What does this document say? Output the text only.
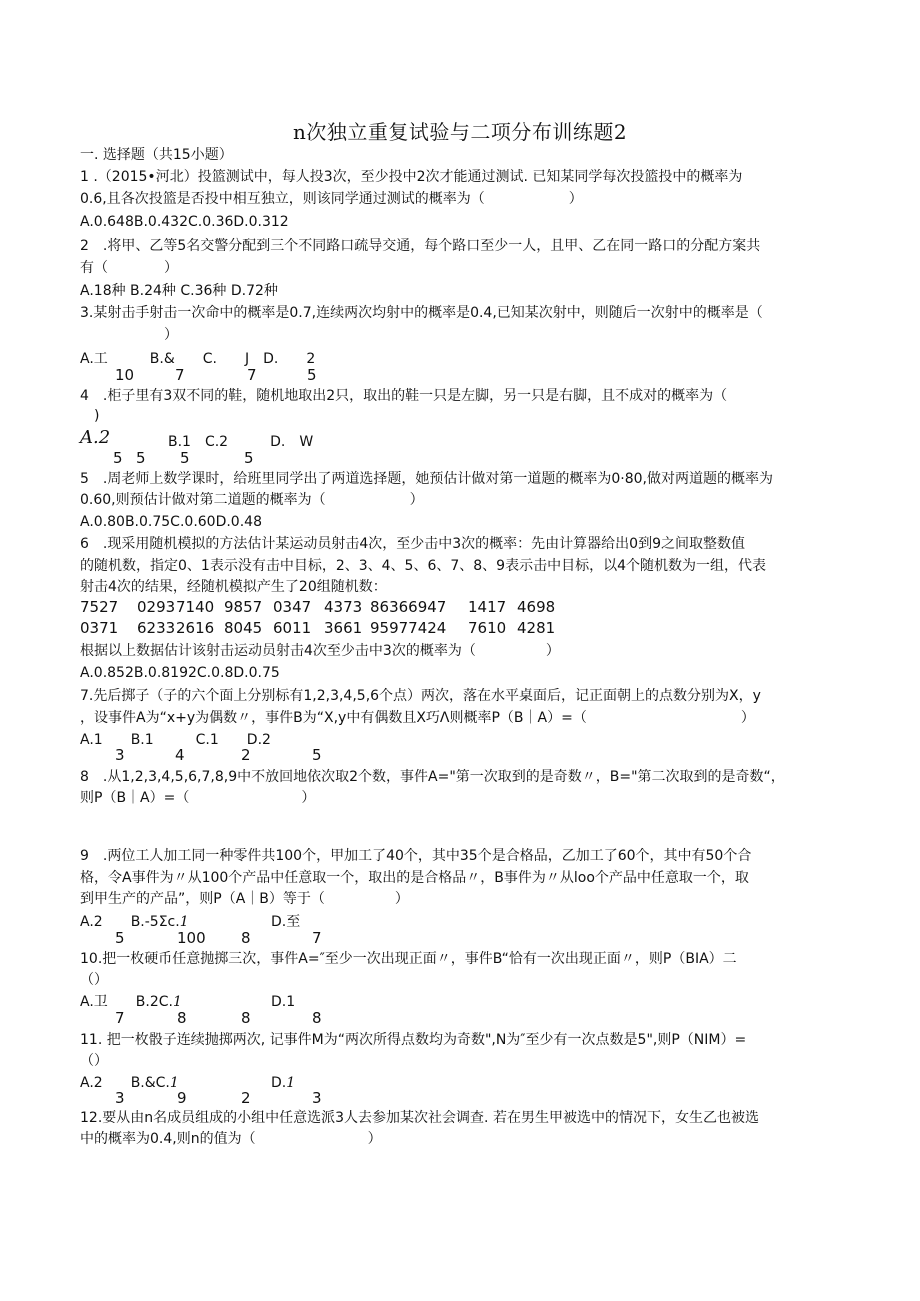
n次独立重复试验与二项分布训练题2
一. 选择题（共15小题）
1 .（2015•河北）投篮测试中，每人投3次，至少投中2次才能通过测试. 已知某同学每次投篮投中的概率为
0.6,且各次投篮是否投中相互独立，则该同学通过测试的概率为（　　　　　　）
A.0.648B.0.432C.0.36D.0.312
2　.将甲、乙等5名交警分配到三个不同路口疏导交通，每个路口至少一人，且甲、乙在同一路口的分配方案共
有（　　　　）
A.18种 B.24种 C.36种 D.72种
3.某射击手射击一次命中的概率是0.7,连续两次均射中的概率是0.4,已知某次射中，则随后一次射中的概率是（
　　　　　　）
A.工　　　B.&　　C.　　J　D.　　2
10	7	7	5
4　.柜子里有3双不同的鞋，随机地取出2只，取出的鞋一只是左脚，另一只是右脚，且不成对的概率为（
　)
A.2	B.1　C.2　　　D.　W
5 5 5	5
5　.周老师上数学课时，给班里同学出了两道选择题，她预估计做对第一道题的概率为0·80,做对两道题的概率为
0.60,则预估计做对第二道题的概率为（　　　　　　）
A.0.80B.0.75C.0.60D.0.48
6　.现采用随机模拟的方法估计某运动员射击4次，至少击中3次的概率：先由计算器给出0到9之间取整数值
的随机数，指定0、1表示没有击中目标，2、3、4、5、6、7、8、9表示击中目标，以4个随机数为一组，代表
射击4次的结果，经随机模拟产生了20组随机数：
7527 0293 7140 9857 0347 4373 86366947 1417 4698
0371 6233 2616 8045 6011 3661 95977424 7610 4281
根据以上数据估计该射击运动员射击4次至少击中3次的概率为（　　　　　）
A.0.852B.0.8192C.0.8D.0.75
7.先后掷子（子的六个面上分别标有1,2,3,4,5,6个点）两次，落在水平桌面后，记正面朝上的点数分别为X，y
，设事件A为“x+y为偶数〃，事件B为“X,y中有偶数且X巧Λ则概率P（B｜A）=（　　　　　　　　　　　）
A.1　　B.1　　　C.1　　D.2
3	4	2	5
8　.从1,2,3,4,5,6,7,8,9中不放回地依次取2个数，事件A="第一次取到的是奇数〃，B="第二次取到的是奇数“，
则P（B｜A）=（　　　　　　　　）
9　.两位工人加工同一种零件共100个，甲加工了40个，其中35个是合格品，乙加工了60个，其中有50个合
格，令A事件为〃从100个产品中任意取一个，取出的是合格品〃，B事件为〃从loo个产品中任意取一个，取
到甲生产的产品”，则P（A｜B）等于（　　　　　）
A.2　　B.-5Σc.1	D.至
5	100 8	7
10.把一枚硬币任意抛掷三次，事件A=″至少一次出现正面〃，事件B“恰有一次出现正面〃，则P（BIA）二
（）
A.卫　　B.2C.1	D.1
7	8	8	8
11. 把一枚骰子连续抛掷两次, 记事件M为“两次所得点数均为奇数",N为″至少有一次点数是5",则P（NIM）=
（）
A.2　　B.&C.1	D.1
3	9	2	3
12.要从由n名成员组成的小组中任意选派3人去参加某次社会调查. 若在男生甲被选中的情况下，女生乙也被选
中的概率为0.4,则n的值为（　　　　　　　　）
